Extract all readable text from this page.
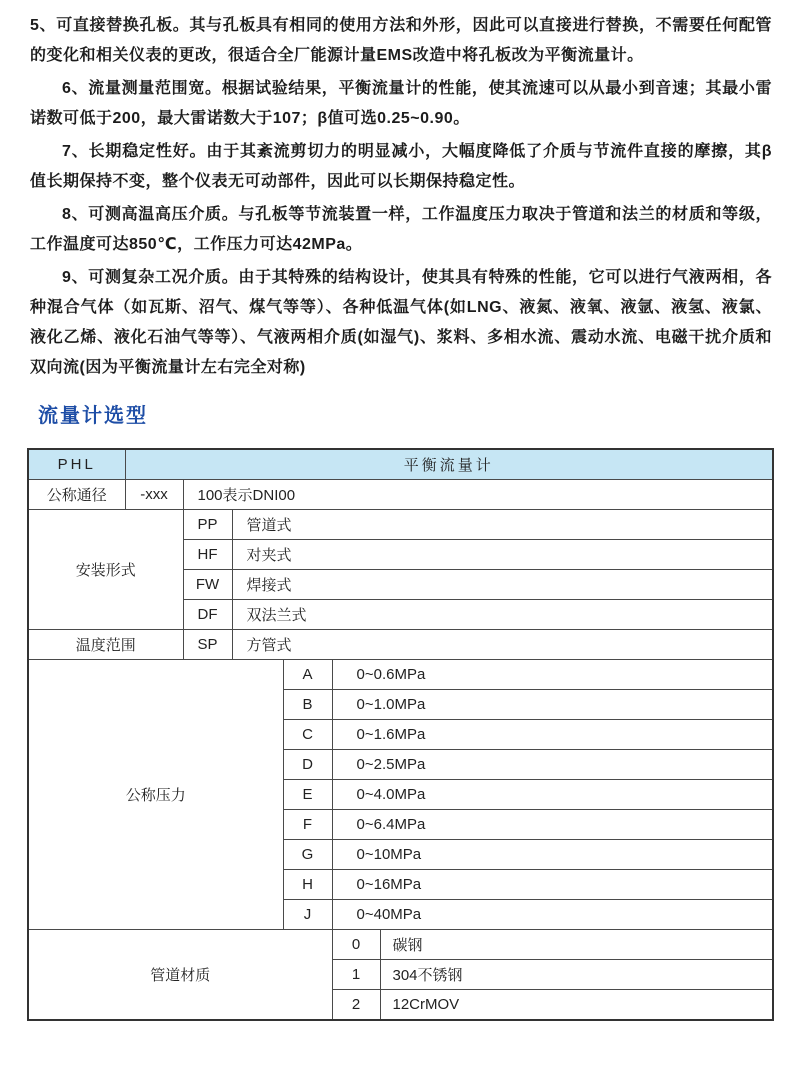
5、可直接替换孔板。其与孔板具有相同的使用方法和外形，因此可以直接进行替换，不需要任何配管的变化和相关仪表的更改，很适合全厂能源计量EMS改造中将孔板改为平衡流量计。

6、流量测量范围宽。根据试验结果，平衡流量计的性能，使其流速可以从最小到音速；其最小雷诺数可低于200，最大雷诺数大于107；β值可选0.25~0.90。

7、长期稳定性好。由于其紊流剪切力的明显减小，大幅度降低了介质与节流件直接的摩擦，其β值长期保持不变，整个仪表无可动部件，因此可以长期保持稳定性。

8、可测高温高压介质。与孔板等节流装置一样，工作温度压力取决于管道和法兰的材质和等级，工作温度可达850℃，工作压力可达42MPa。

9、可测复杂工况介质。由于其特殊的结构设计，使其具有特殊的性能，它可以进行气液两相，各种混合气体（如瓦斯、沼气、煤气等等）、各种低温气体(如LNG、液氮、液氧、液氩、液氢、液氯、液化乙烯、液化石油气等等）、气液两相介质(如湿气)、浆料、多相水流、震动水流、电磁干扰介质和双向流(因为平衡流量计左右完全对称)

流量计选型
PHL	平衡流量计					
公称通径	-xxx	100表示DNI00				
安装形式		PP	管道式			
		HF	对夹式			
		FW	焊接式			
		DF	双法兰式			
温度范围		SP	方管式			
公称压力				A	0~0.6MPa	
				B	0~1.0MPa	
				C	0~1.6MPa	
				D	0~2.5MPa	
				E	0~4.0MPa	
				F	0~6.4MPa	
				G	0~10MPa	
				H	0~16MPa	
				J	0~40MPa	
管道材质					0	碳钢
					1	304不锈钢
					2	12CrMOV
